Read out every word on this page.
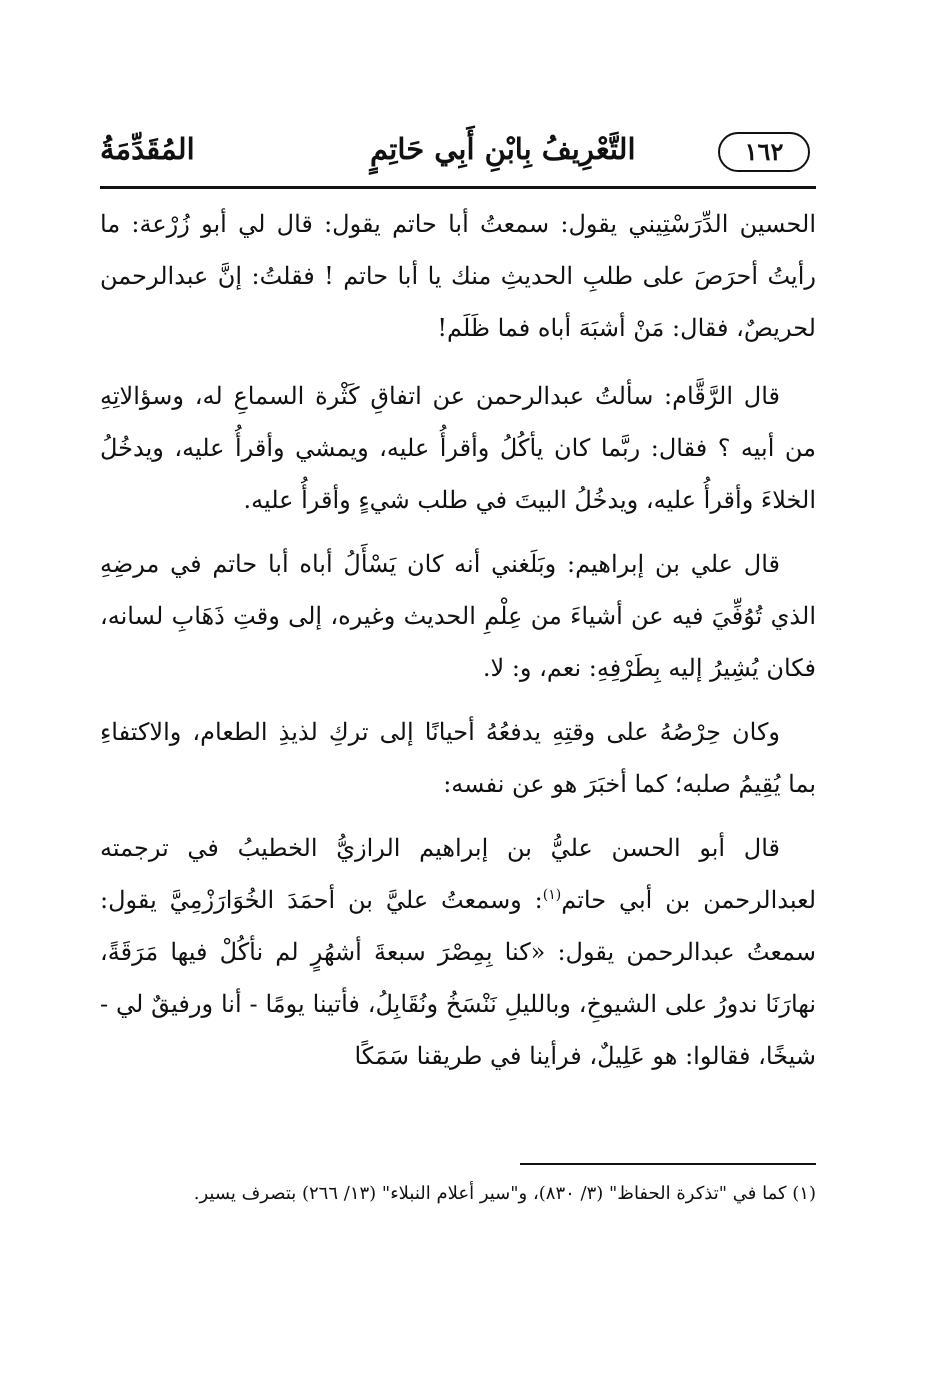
١٦٢
التَّعْرِيفُ بِابْنِ أَبِي حَاتِمٍ
المُقَدِّمَةُ

الحسين الدِّرَسْتِيني يقول: سمعتُ أبا حاتم يقول: قال لي أبو زُرْعة: ما رأيتُ أحرَصَ على طلبِ الحديثِ منك يا أبا حاتم ! فقلتُ: إنَّ عبدالرحمن لحريصٌ، فقال: مَنْ أشبَهَ أباه فما ظَلَم!

قال الرَّقَّام: سألتُ عبدالرحمن عن اتفاقِ كَثْرة السماعِ له، وسؤالاتِهِ من أبيه ؟ فقال: ربَّما كان يأكُلُ وأقرأُ عليه، ويمشي وأقرأُ عليه، ويدخُلُ الخلاءَ وأقرأُ عليه، ويدخُلُ البيتَ في طلب شيءٍ وأقرأُ عليه.

قال علي بن إبراهيم: وبَلَغني أنه كان يَسْأَلُ أباه أبا حاتم في مرضِهِ الذي تُوُفِّيَ فيه عن أشياءَ من عِلْمِ الحديث وغيره، إلى وقتِ ذَهَابِ لسانه، فكان يُشِيرُ إليه بِطَرْفِهِ: نعم، و: لا.

وكان حِرْصُهُ على وقتِهِ يدفعُهُ أحيانًا إلى تركِ لذيذِ الطعام، والاكتفاءِ بما يُقِيمُ صلبه؛ كما أخبَرَ هو عن نفسه:

قال أبو الحسن عليُّ بن إبراهيم الرازيُّ الخطيبُ في ترجمته لعبدالرحمن بن أبي حاتم$^{(١)}$: وسمعتُ عليَّ بن أحمَدَ الخُوَارَزْمِيَّ يقول: سمعتُ عبدالرحمن يقول: «كنا بِمِصْرَ سبعةَ أشهُرٍ لم نأكُلْ فيها مَرَقَةً، نهارَنَا ندورُ على الشيوخِ، وبالليلِ نَنْسَخُ ونُقَابِلُ، فأتينا يومًا - أنا ورفيقٌ لي - شيخًا، فقالوا: هو عَلِيلٌ، فرأينا في طريقنا سَمَكًا

(١) كما في "تذكرة الحفاظ" (٣/ ٨٣٠)، و"سير أعلام النبلاء" (١٣/ ٢٦٦) بتصرف يسير.
